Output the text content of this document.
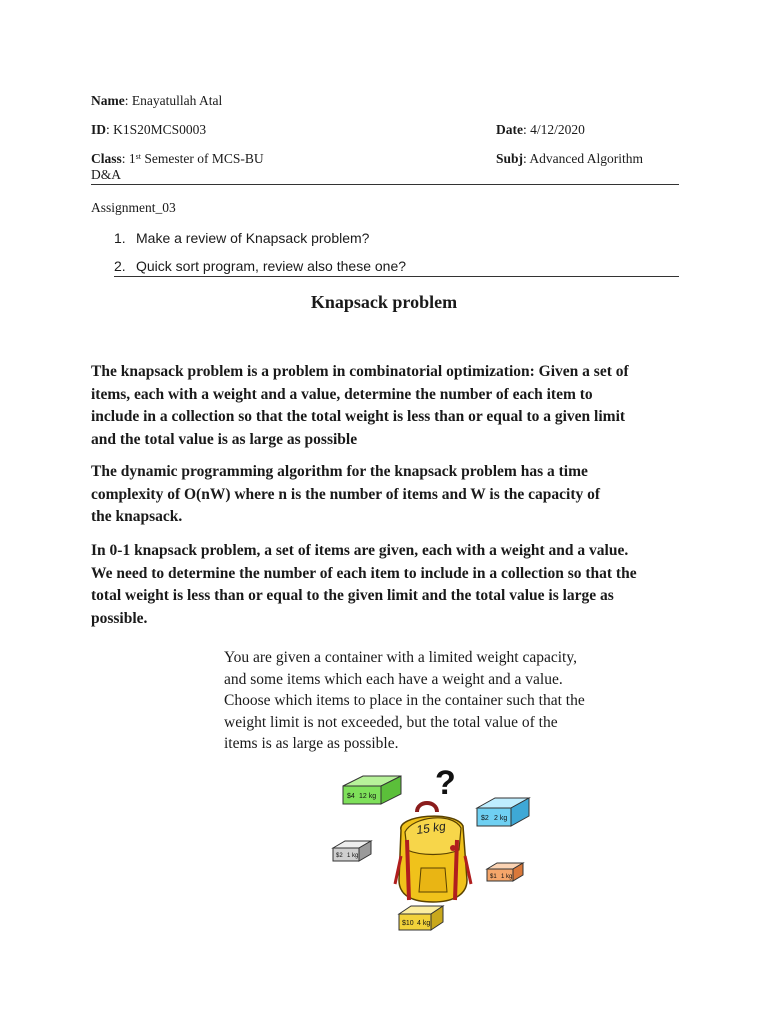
Name: Enayatullah Atal
ID: K1S20MCS0003	Date: 4/12/2020
Class: 1st Semester of MCS-BU	Subj: Advanced Algorithm
D&A
Assignment_03
1. Make a review of Knapsack problem?
2. Quick sort program, review also these one?
Knapsack problem
The knapsack problem is a problem in combinatorial optimization: Given a set of
items, each with a weight and a value, determine the number of each item to
include in a collection so that the total weight is less than or equal to a given limit
and the total value is as large as possible
The dynamic programming algorithm for the knapsack problem has a time
complexity of O(nW) where n is the number of items and W is the capacity of
the knapsack.
In 0-1 knapsack problem, a set of items are given, each with a weight and a value.
We need to determine the number of each item to include in a collection so that the
total weight is less than or equal to the given limit and the total value is large as
possible.
You are given a container with a limited weight capacity,
and some items which each have a weight and a value.
Choose which items to place in the container such that the
weight limit is not exceeded, but the total value of the
items is as large as possible.
?
$4 12 kg
$2 2 kg
$2 1 kg
$1 1 kg
$10 4 kg
15 kg
